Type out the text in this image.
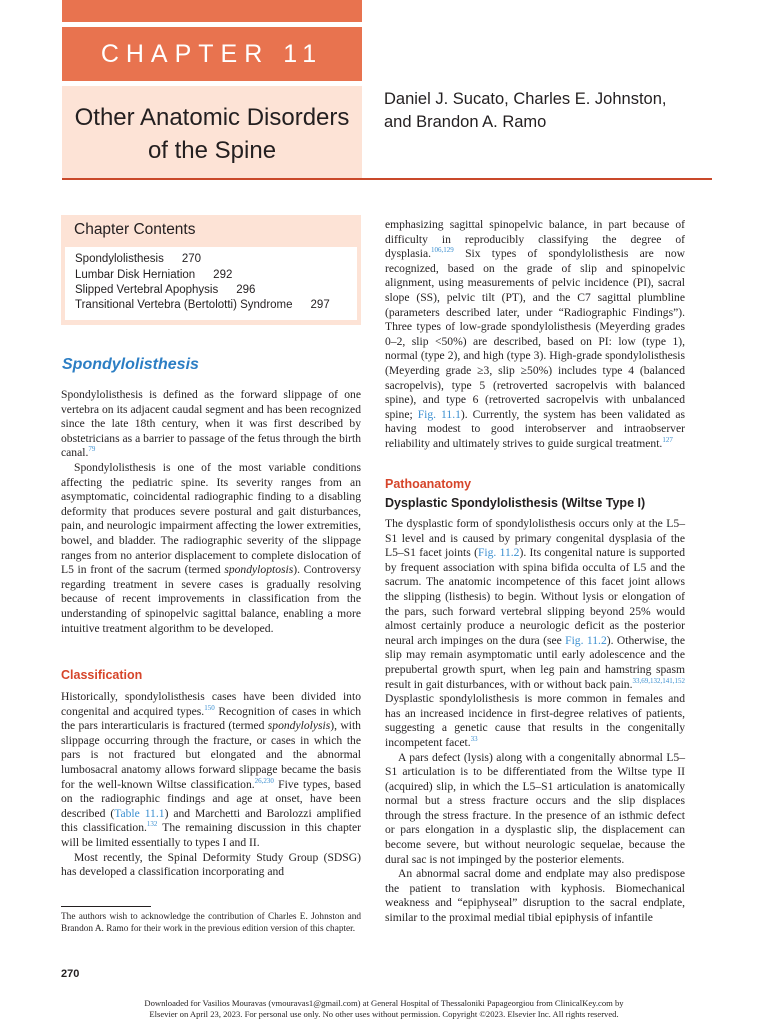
CHAPTER 11
Other Anatomic Disorders
of the Spine
Daniel J. Sucato, Charles E. Johnston,
and Brandon A. Ramo
Chapter Contents
Spondylolisthesis 270
Lumbar Disk Herniation 292
Slipped Vertebral Apophysis 296
Transitional Vertebra (Bertolotti) Syndrome 297
Spondylolisthesis

Spondylolisthesis is defined as the forward slippage of one vertebra on its adjacent caudal segment and has been recognized since the late 18th century, when it was first described by obstetricians as a barrier to passage of the fetus through the birth canal.$^{79}$

Spondylolisthesis is one of the most variable conditions affecting the pediatric spine. Its severity ranges from an asymptomatic, coincidental radiographic finding to a disabling deformity that produces severe postural and gait disturbances, pain, and neurologic impairment affecting the lower extremities, bowel, and bladder. The radiographic severity of the slippage ranges from no anterior displacement to complete dislocation of L5 in front of the sacrum (termed spondyloptosis). Controversy regarding treatment in severe cases is gradually resolving because of recent improvements in classification from the understanding of spinopelvic sagittal balance, enabling a more intuitive treatment algorithm to be developed.

Classification

Historically, spondylolisthesis cases have been divided into congenital and acquired types.$^{150}$ Recognition of cases in which the pars interarticularis is fractured (termed spondylolysis), with slippage occurring through the fracture, or cases in which the pars is not fractured but elongated and the abnormal lumbosacral anatomy allows forward slippage became the basis for the well-known Wiltse classification.$^{26,230}$ Five types, based on the radiographic findings and age at onset, have been described (Table 11.1) and Marchetti and Barolozzi amplified this classification.$^{132}$ The remaining discussion in this chapter will be limited essentially to types I and II.

Most recently, the Spinal Deformity Study Group (SDSG) has developed a classification incorporating and

The authors wish to acknowledge the contribution of Charles E. Johnston and Brandon A. Ramo for their work in the previous edition version of this chapter.
270

emphasizing sagittal spinopelvic balance, in part because of difficulty in reproducibly classifying the degree of dysplasia.$^{106,129}$ Six types of spondylolisthesis are now recognized, based on the grade of slip and spinopelvic alignment, using measurements of pelvic incidence (PI), sacral slope (SS), pelvic tilt (PT), and the C7 sagittal plumbline (parameters described later, under “Radiographic Findings”). Three types of low-grade spondylolisthesis (Meyerding grades 0–2, slip <50%) are described, based on PI: low (type 1), normal (type 2), and high (type 3). High-grade spondylolisthesis (Meyerding grade ≥3, slip ≥50%) includes type 4 (balanced sacropelvis), type 5 (retroverted sacropelvis with balanced spine), and type 6 (retroverted sacropelvis with unbalanced spine; Fig. 11.1). Currently, the system has been validated as having modest to good interobserver and intraobserver reliability and ultimately strives to guide surgical treatment.$^{127}$

Pathoanatomy
Dysplastic Spondylolisthesis (Wiltse Type I)

The dysplastic form of spondylolisthesis occurs only at the L5–S1 level and is caused by primary congenital dysplasia of the L5–S1 facet joints (Fig. 11.2). Its congenital nature is supported by frequent association with spina bifida occulta of L5 and the sacrum. The anatomic incompetence of this facet joint allows the slipping (listhesis) to begin. Without lysis or elongation of the pars, such forward vertebral slipping beyond 25% would almost certainly produce a neurologic deficit as the posterior neural arch impinges on the dura (see Fig. 11.2). Otherwise, the slip may remain asymptomatic until early adolescence and the prepubertal growth spurt, when leg pain and hamstring spasm result in gait disturbances, with or without back pain.$^{33,69,132,141,152}$ Dysplastic spondylolisthesis is more common in females and has an increased incidence in first-degree relatives of patients, suggesting a genetic cause that results in the congenitally incompetent facet.$^{33}$

A pars defect (lysis) along with a congenitally abnormal L5–S1 articulation is to be differentiated from the Wiltse type II (acquired) slip, in which the L5–S1 articulation is anatomically normal but a stress fracture occurs and the slip displaces through the stress fracture. In the presence of an isthmic defect or pars elongation in a dysplastic slip, the displacement can become severe, but without neurologic sequelae, because the dural sac is not impinged by the posterior elements.

An abnormal sacral dome and endplate may also predispose the patient to translation with kyphosis. Biomechanical weakness and “epiphyseal” disruption to the sacral endplate, similar to the proximal medial tibial epiphysis of infantile

Downloaded for Vasilios Mouravas (vmouravas1@gmail.com) at General Hospital of Thessaloniki Papageorgiou from ClinicalKey.com by
Elsevier on April 23, 2023. For personal use only. No other uses without permission. Copyright ©2023. Elsevier Inc. All rights reserved.
